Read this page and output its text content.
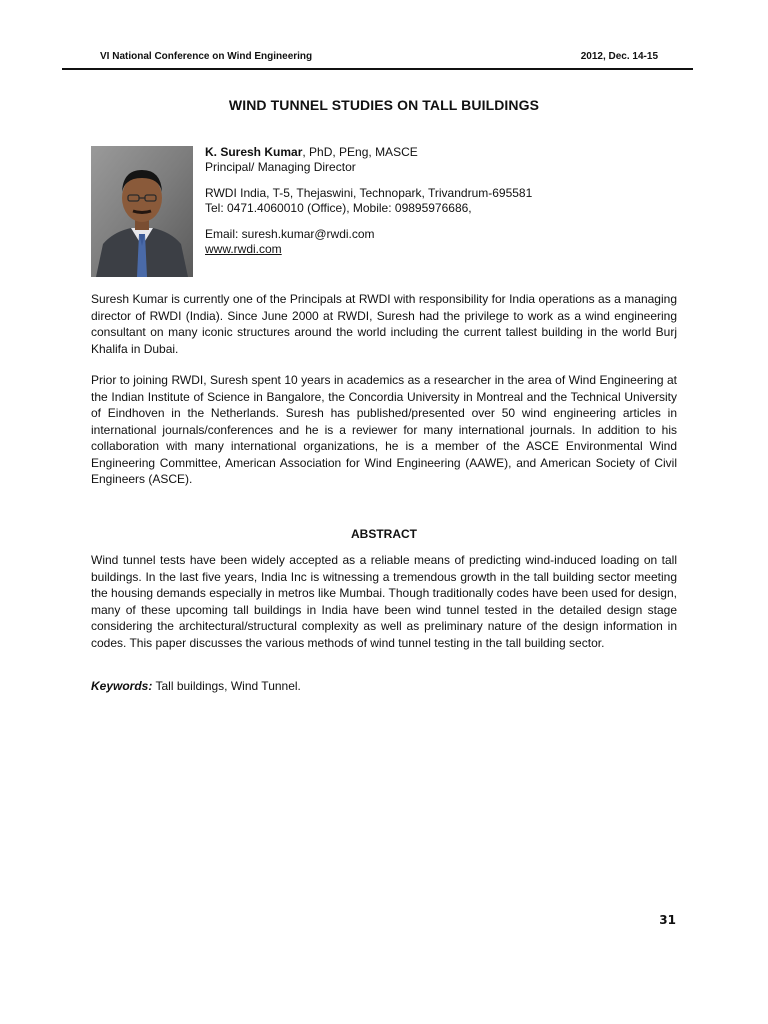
VI National Conference on Wind Engineering	2012, Dec. 14-15
WIND TUNNEL STUDIES ON TALL BUILDINGS
K. Suresh Kumar, PhD, PEng, MASCE
Principal/ Managing Director
RWDI India, T-5, Thejaswini, Technopark, Trivandrum-695581
Tel: 0471.4060010 (Office), Mobile: 09895976686,
Email: suresh.kumar@rwdi.com
www.rwdi.com

Suresh Kumar is currently one of the Principals at RWDI with responsibility for India operations as a managing director of RWDI (India). Since June 2000 at RWDI, Suresh had the privilege to work as a wind engineering consultant on many iconic structures around the world including the current tallest building in the world Burj Khalifa in Dubai.

Prior to joining RWDI, Suresh spent 10 years in academics as a researcher in the area of Wind Engineering at the Indian Institute of Science in Bangalore, the Concordia University in Montreal and the Technical University of Eindhoven in the Netherlands. Suresh has published/presented over 50 wind engineering articles in international journals/conferences and he is a reviewer for many international journals. In addition to his collaboration with many international organizations, he is a member of the ASCE Environmental Wind Engineering Committee, American Association for Wind Engineering (AAWE), and American Society of Civil Engineers (ASCE).

ABSTRACT

Wind tunnel tests have been widely accepted as a reliable means of predicting wind-induced loading on tall buildings. In the last five years, India Inc is witnessing a tremendous growth in the tall building sector meeting the housing demands especially in metros like Mumbai. Though traditionally codes have been used for design, many of these upcoming tall buildings in India have been wind tunnel tested in the detailed design stage considering the architectural/structural complexity as well as preliminary nature of the design information in codes. This paper discusses the various methods of wind tunnel testing in the tall building sector.

Keywords: Tall buildings, Wind Tunnel.
31
